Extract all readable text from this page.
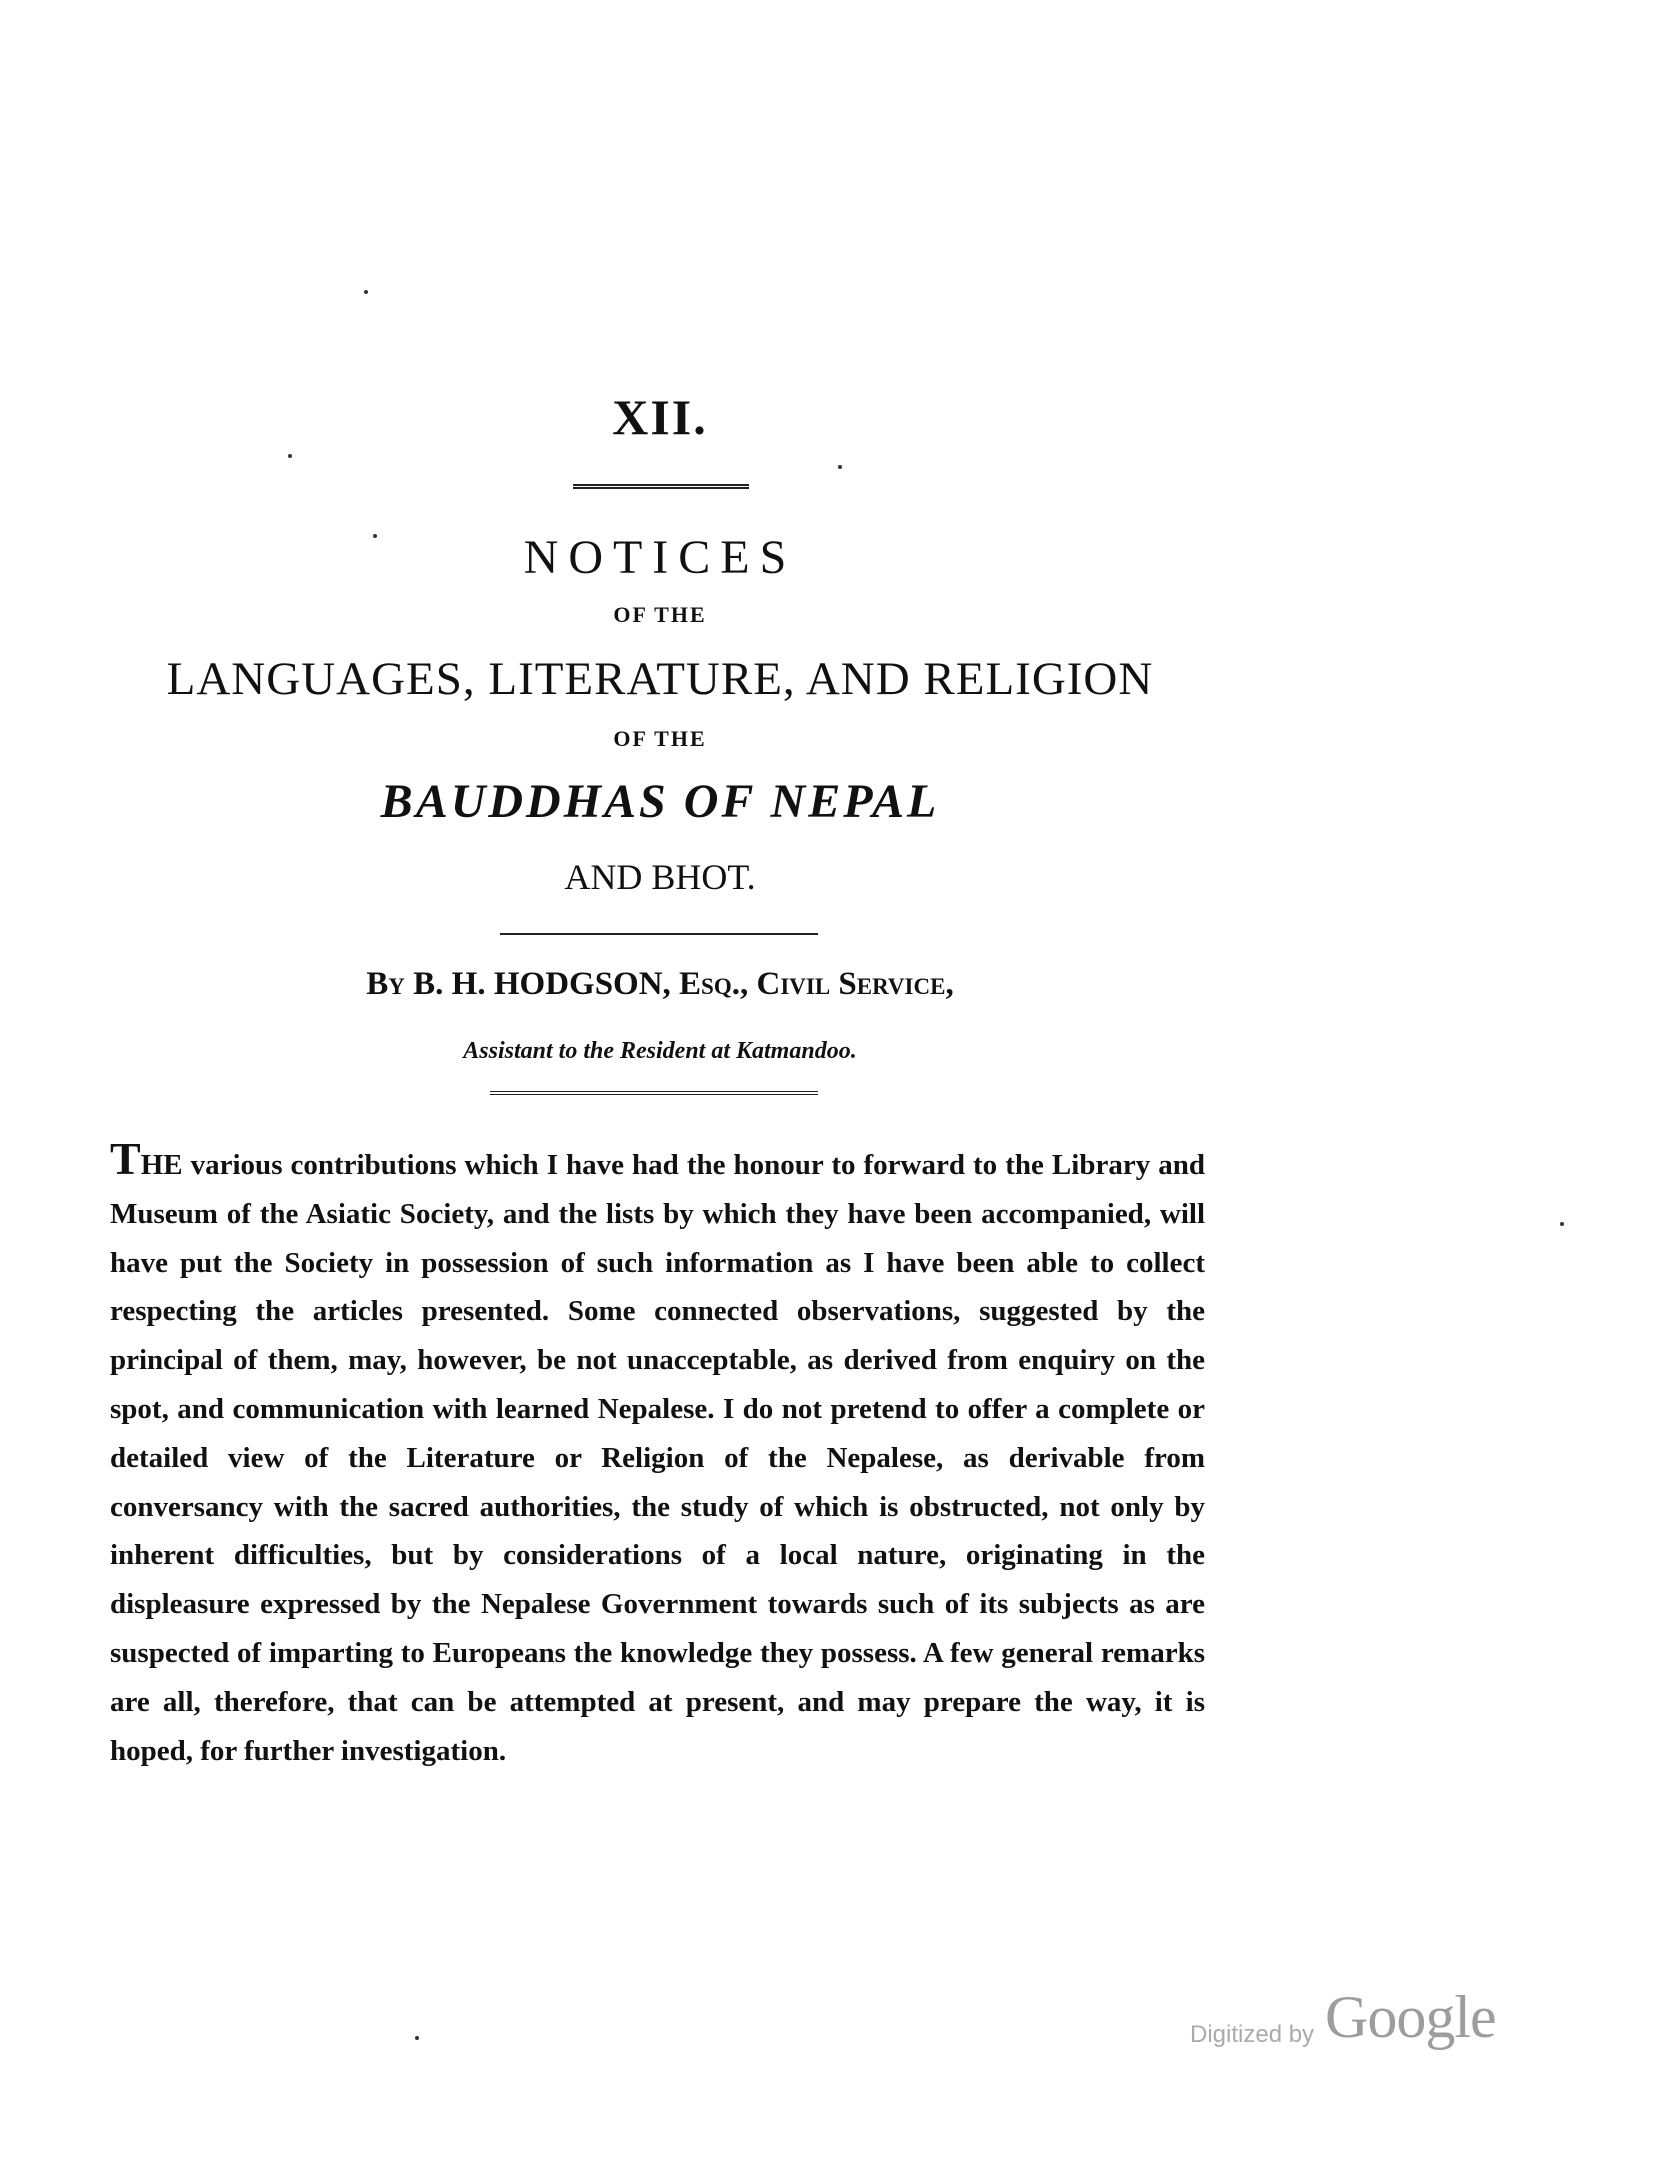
XII.
NOTICES
OF THE
LANGUAGES, LITERATURE, AND RELIGION
OF THE
BAUDDHAS OF NEPAL
AND BHOT.
By B. H. HODGSON, Esq., Civil Service,
Assistant to the Resident at Katmandoo.

THE various contributions which I have had the honour to forward to the Library and Museum of the Asiatic Society, and the lists by which they have been accompanied, will have put the Society in possession of such information as I have been able to collect respecting the articles presented. Some connected observations, suggested by the principal of them, may, however, be not unacceptable, as derived from enquiry on the spot, and communication with learned Nepalese. I do not pretend to offer a complete or detailed view of the Literature or Religion of the Nepalese, as derivable from conversancy with the sacred authorities, the study of which is obstructed, not only by inherent difficulties, but by considerations of a local nature, originating in the displeasure expressed by the Nepalese Government towards such of its subjects as are suspected of imparting to Europeans the knowledge they possess. A few general remarks are all, therefore, that can be attempted at present, and may prepare the way, it is hoped, for further investigation.

Digitized by Google
